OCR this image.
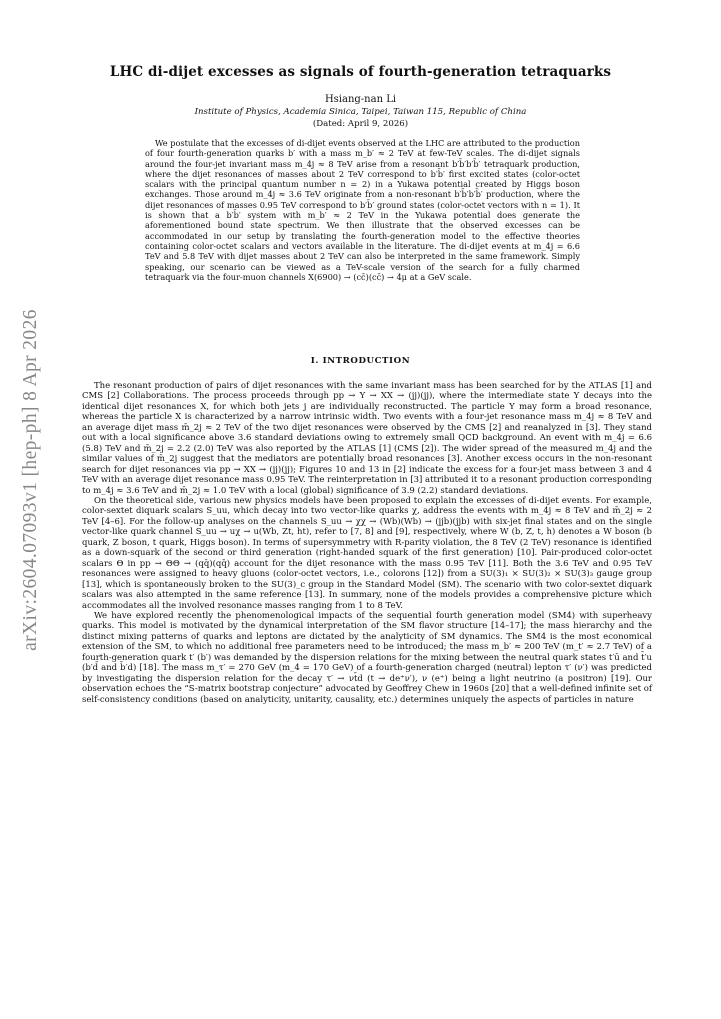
arXiv:2604.07093v1 [hep-ph] 8 Apr 2026
LHC di-dijet excesses as signals of fourth-generation tetraquarks
Hsiang-nan Li
Institute of Physics, Academia Sinica, Taipei, Taiwan 115, Republic of China
(Dated: April 9, 2026)
We postulate that the excesses of di-dijet events observed at the LHC are attributed to the production of four fourth-generation quarks b′ with a mass m_b′ ≈ 2 TeV at few-TeV scales. The di-dijet signals around the four-jet invariant mass m_4j ≈ 8 TeV arise from a resonant b′b̄′b′b̄′ tetraquark production, where the dijet resonances of masses about 2 TeV correspond to b′b̄′ first excited states (color-octet scalars with the principal quantum number n = 2) in a Yukawa potential created by Higgs boson exchanges. Those around m_4j ≈ 3.6 TeV originate from a non-resonant b′b̄′b′b̄′ production, where the dijet resonances of masses 0.95 TeV correspond to b′b̄′ ground states (color-octet vectors with n = 1). It is shown that a b′b̄′ system with m_b′ ≈ 2 TeV in the Yukawa potential does generate the aforementioned bound state spectrum. We then illustrate that the observed excesses can be accommodated in our setup by translating the fourth-generation model to the effective theories containing color-octet scalars and vectors available in the literature. The di-dijet events at m_4j = 6.6 TeV and 5.8 TeV with dijet masses about 2 TeV can also be interpreted in the same framework. Simply speaking, our scenario can be viewed as a TeV-scale version of the search for a fully charmed tetraquark via the four-muon channels X(6900) → (cc̄)(cc̄) → 4μ at a GeV scale.
I. INTRODUCTION

The resonant production of pairs of dijet resonances with the same invariant mass has been searched for by the ATLAS [1] and CMS [2] Collaborations. The process proceeds through pp → Y → XX → (jj)(jj), where the intermediate state Y decays into the identical dijet resonances X, for which both jets j are individually reconstructed. The particle Y may form a broad resonance, whereas the particle X is characterized by a narrow intrinsic width. Two events with a four-jet resonance mass m_4j ≈ 8 TeV and an average dijet mass m̄_2j ≈ 2 TeV of the two dijet resonances were observed by the CMS [2] and reanalyzed in [3]. They stand out with a local significance above 3.6 standard deviations owing to extremely small QCD background. An event with m_4j = 6.6 (5.8) TeV and m̄_2j = 2.2 (2.0) TeV was also reported by the ATLAS [1] (CMS [2]). The wider spread of the measured m_4j and the similar values of m̄_2j suggest that the mediators are potentially broad resonances [3]. Another excess occurs in the non-resonant search for dijet resonances via pp → XX → (jj)(jj); Figures 10 and 13 in [2] indicate the excess for a four-jet mass between 3 and 4 TeV with an average dijet resonance mass 0.95 TeV. The reinterpretation in [3] attributed it to a resonant production corresponding to m_4j ≈ 3.6 TeV and m̄_2j ≈ 1.0 TeV with a local (global) significance of 3.9 (2.2) standard deviations.

On the theoretical side, various new physics models have been proposed to explain the excesses of di-dijet events. For example, color-sextet diquark scalars S_uu, which decay into two vector-like quarks χ, address the events with m_4j ≈ 8 TeV and m̄_2j ≈ 2 TeV [4–6]. For the follow-up analyses on the channels S_uu → χχ → (Wb)(Wb) → (jjb)(jjb) with six-jet final states and on the single vector-like quark channel S_uu → uχ → u(Wb, Zt, ht), refer to [7, 8] and [9], respectively, where W (b, Z, t, h) denotes a W boson (b quark, Z boson, t quark, Higgs boson). In terms of supersymmetry with R-parity violation, the 8 TeV (2 TeV) resonance is identified as a down-squark of the second or third generation (right-handed squark of the first generation) [10]. Pair-produced color-octet scalars Θ in pp → ΘΘ → (qq̄)(qq̄) account for the dijet resonance with the mass 0.95 TeV [11]. Both the 3.6 TeV and 0.95 TeV resonances were assigned to heavy gluons (color-octet vectors, i.e., colorons [12]) from a SU(3)₁ × SU(3)₂ × SU(3)₃ gauge group [13], which is spontaneously broken to the SU(3)_c group in the Standard Model (SM). The scenario with two color-sextet diquark scalars was also attempted in the same reference [13]. In summary, none of the models provides a comprehensive picture which accommodates all the involved resonance masses ranging from 1 to 8 TeV.

We have explored recently the phenomenological impacts of the sequential fourth generation model (SM4) with superheavy quarks. This model is motivated by the dynamical interpretation of the SM flavor structure [14–17]; the mass hierarchy and the distinct mixing patterns of quarks and leptons are dictated by the analyticity of SM dynamics. The SM4 is the most economical extension of the SM, to which no additional free parameters need to be introduced; the mass m_b′ ≈ 200 TeV (m_t′ ≈ 2.7 TeV) of a fourth-generation quark t′ (b′) was demanded by the dispersion relations for the mixing between the neutral quark states t′ū and t̄′u (b′d̄ and b̄′d) [18]. The mass m_τ′ = 270 GeV (m_4 = 170 GeV) of a fourth-generation charged (neutral) lepton τ′ (ν′) was predicted by investigating the dispersion relation for the decay τ′ → νt̄d (t → de⁺ν′), ν (e⁺) being a light neutrino (a positron) [19]. Our observation echoes the “S-matrix bootstrap conjecture” advocated by Geoffrey Chew in 1960s [20] that a well-defined infinite set of self-consistency conditions (based on analyticity, unitarity, causality, etc.) determines uniquely the aspects of particles in nature
